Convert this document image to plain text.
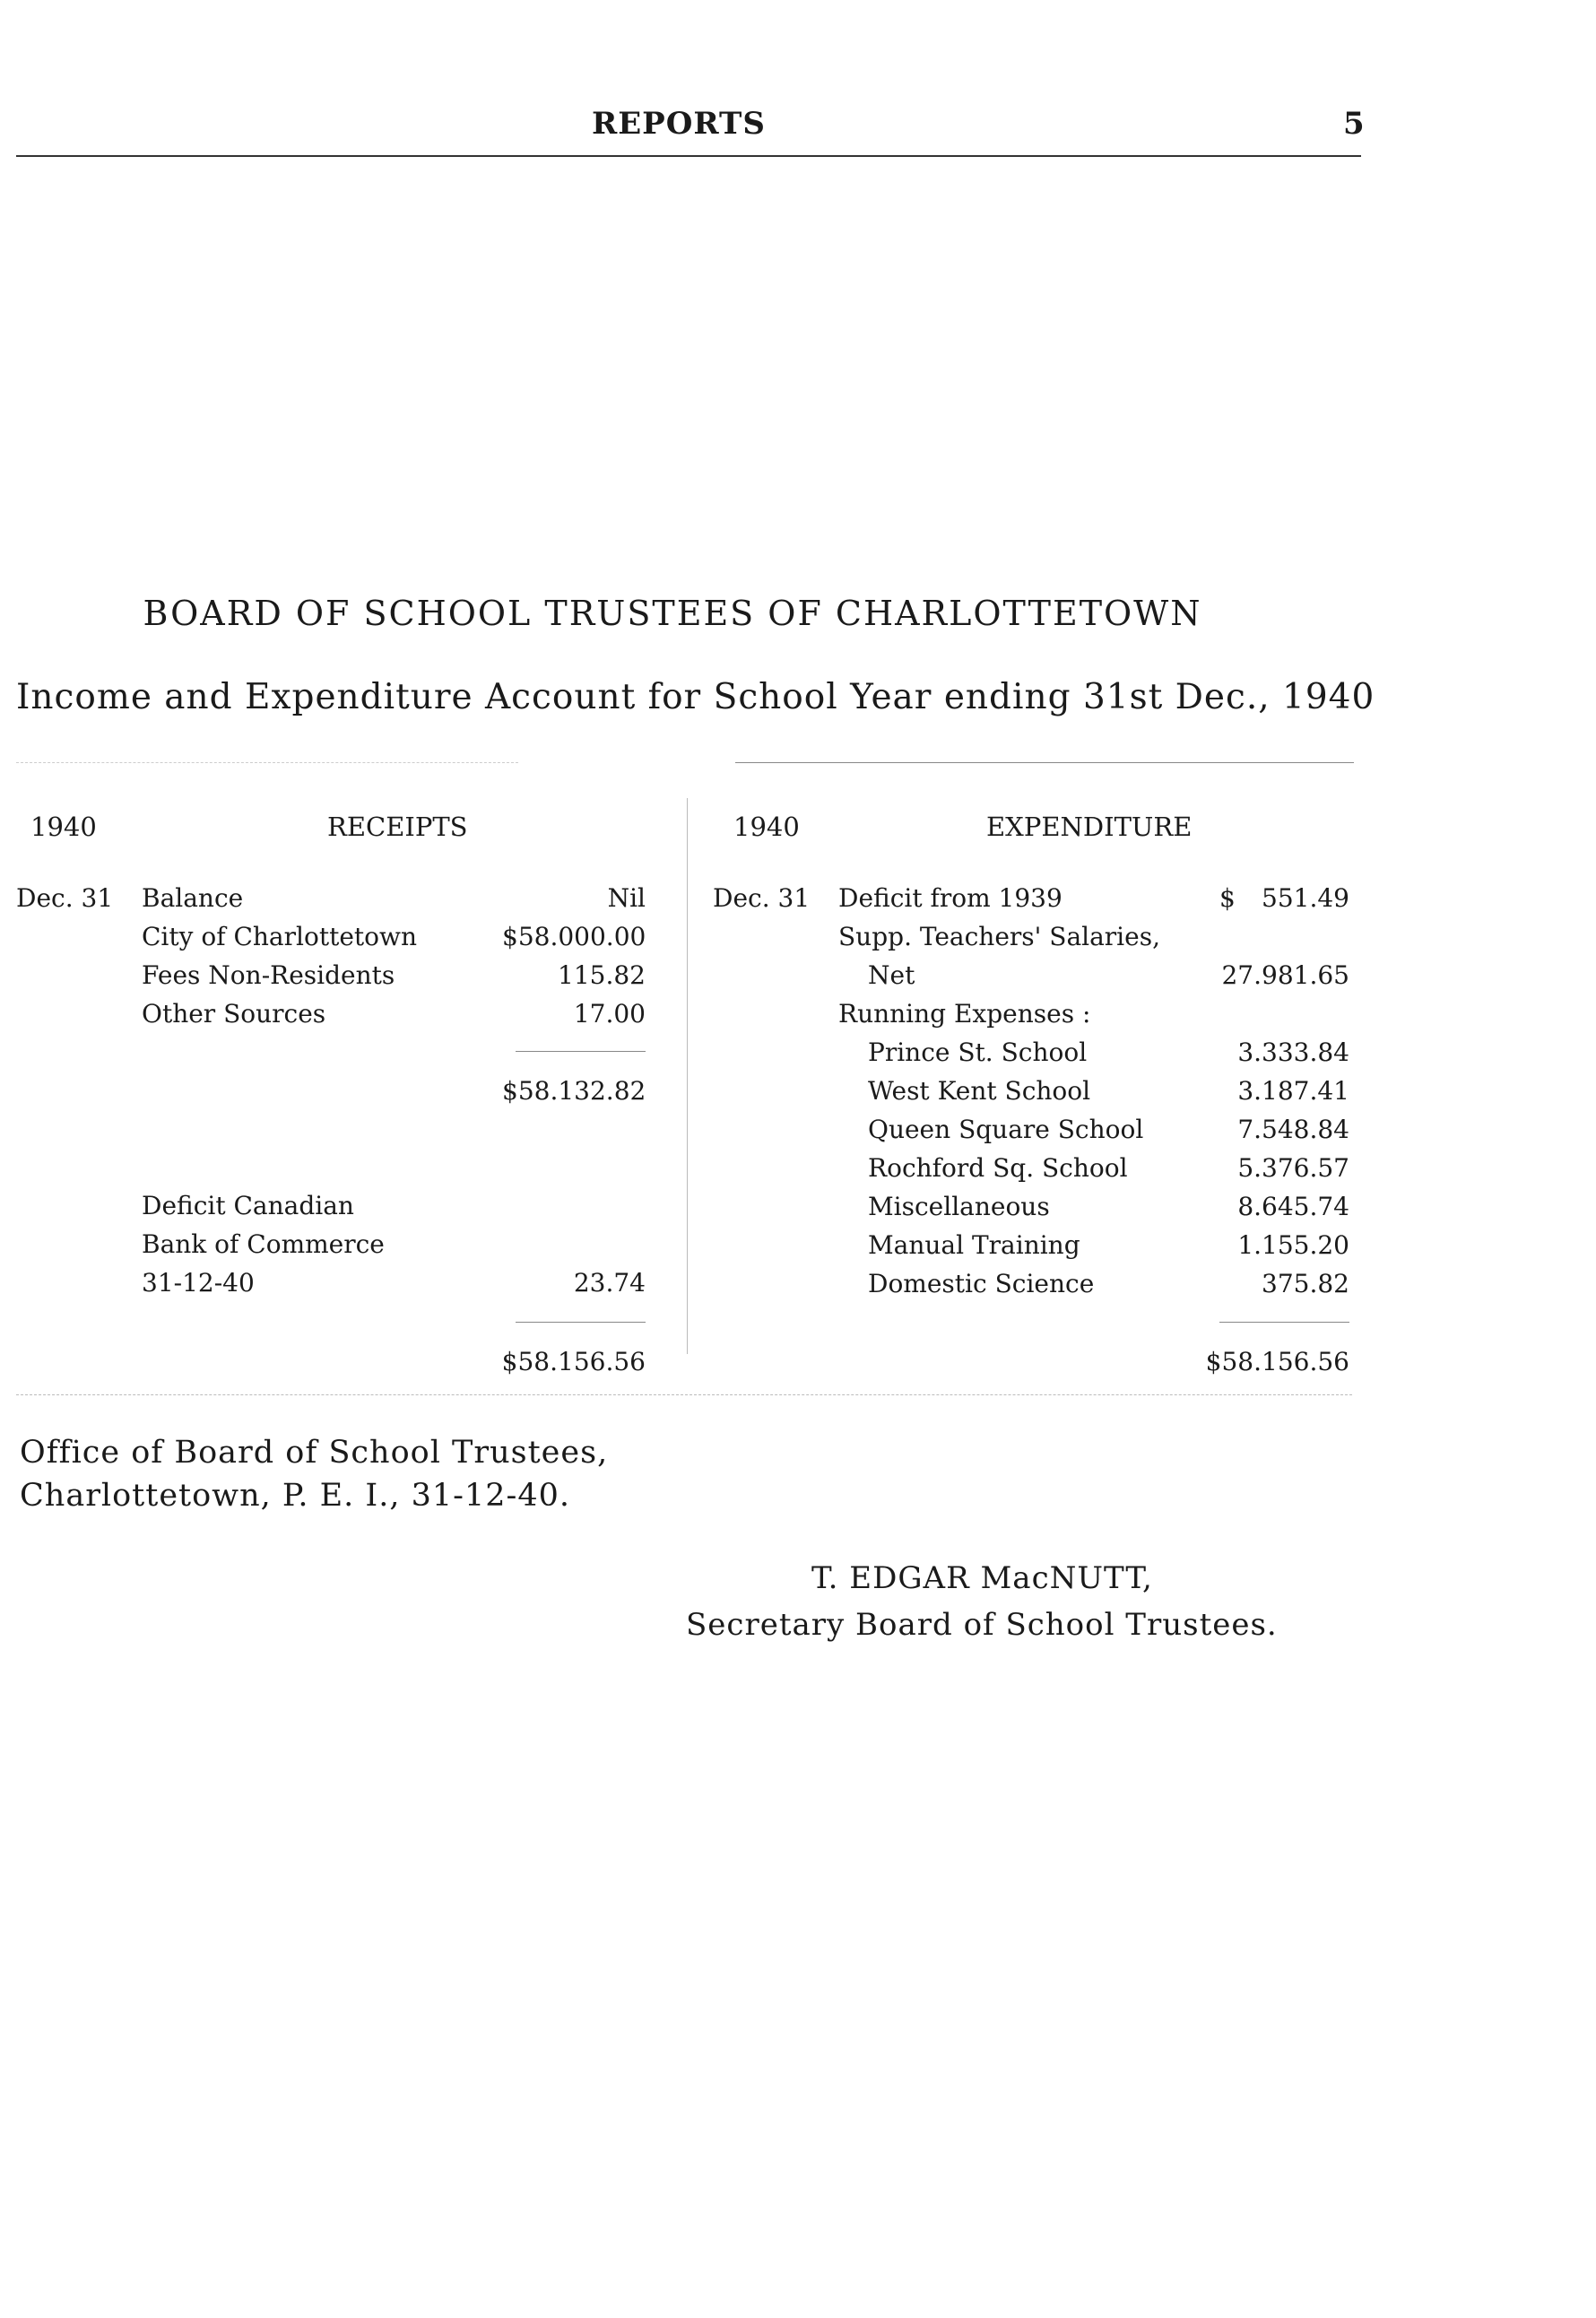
REPORTS	5
BOARD OF SCHOOL TRUSTEES OF CHARLOTTETOWN
Income and Expenditure Account for School Year ending 31st Dec., 1940
1940	RECEIPTS	1940	EXPENDITURE
Dec. 31 Balance	Nil
City of Charlottetown	$58.000.00
Fees Non-Residents	115.82
Other Sources	17.00
$58.132.82
Deficit Canadian
Bank of Commerce
31-12-40	23.74
$58.156.56
Dec. 31 Deficit from 1939	$	551.49
Supp. Teachers' Salaries,
Net	27.981.65
Running Expenses :
Prince St. School	3.333.84
West Kent School	3.187.41
Queen Square School	7.548.84
Rochford Sq. School	5.376.57
Miscellaneous	8.645.74
Manual Training	1.155.20
Domestic Science	375.82
$58.156.56
Office of Board of School Trustees,
Charlottetown, P. E. I., 31-12-40.
T. EDGAR MacNUTT,
Secretary Board of School Trustees.
